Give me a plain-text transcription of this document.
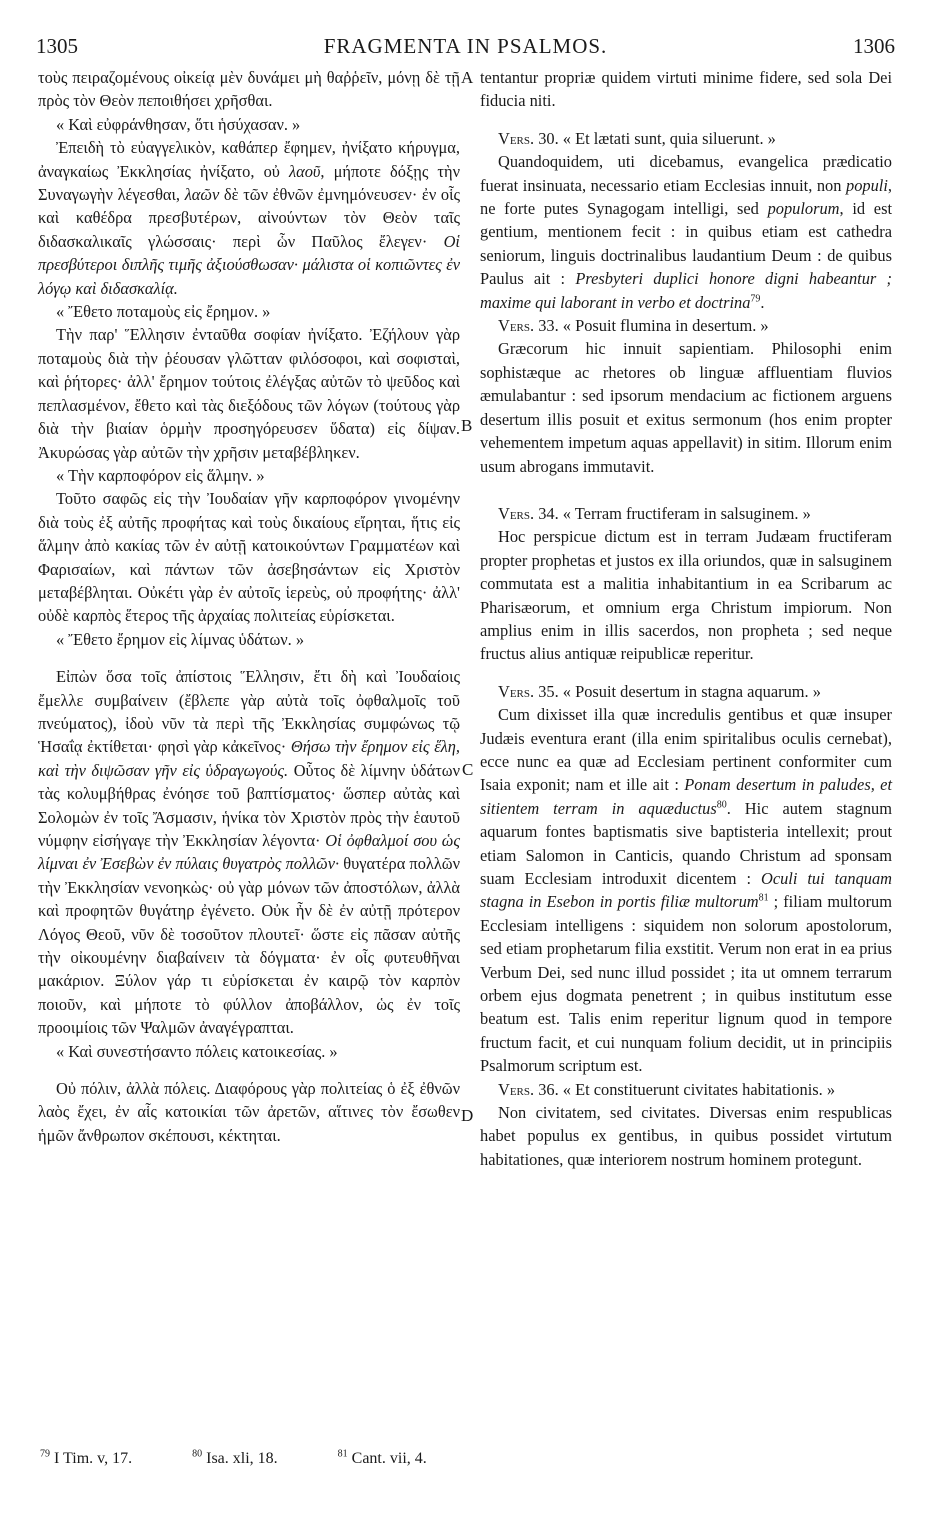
1305	FRAGMENTA IN PSALMOS.	1306
A
B
C
D

τοὺς πειραζομένους οἰκείᾳ μὲν δυνάμει μὴ θαῤῥεῖν, μόνῃ δὲ τῇ πρὸς τὸν Θεὸν πεποιθήσει χρῆσθαι.

« Καὶ εὐφράνθησαν, ὅτι ἡσύχασαν. »

Ἐπειδὴ τὸ εὐαγγελικὸν, καθάπερ ἔφημεν, ἠνίξατο κήρυγμα, ἀναγκαίως Ἐκκλησίας ἠνίξατο, οὐ λαοῦ, μήποτε δόξῃς τὴν Συναγωγὴν λέγεσθαι, λαῶν δὲ τῶν ἐθνῶν ἐμνημόνευσεν· ἐν οἷς καὶ καθέδρα πρεσβυτέρων, αἰνούντων τὸν Θεὸν ταῖς διδασκαλικαῖς γλώσσαις· περὶ ὧν Παῦλος ἔλεγεν· Οἱ πρεσβύτεροι διπλῆς τιμῆς ἀξιούσθωσαν· μάλιστα οἱ κοπιῶντες ἐν λόγῳ καὶ διδασκαλίᾳ.

« Ἔθετο ποταμοὺς εἰς ἔρημον. »

Τὴν παρ' Ἕλλησιν ἐνταῦθα σοφίαν ἠνίξατο. Ἐζήλουν γὰρ ποταμοὺς διὰ τὴν ῥέουσαν γλῶτταν φιλόσοφοι, καὶ σοφισταὶ, καὶ ῥήτορες· ἀλλ' ἔρημον τούτοις ἐλέγξας αὐτῶν τὸ ψεῦδος καὶ πεπλασμένον, ἔθετο καὶ τὰς διεξόδους τῶν λόγων (τούτους γὰρ διὰ τὴν βιαίαν ὁρμὴν προσηγόρευσεν ὕδατα) εἰς δίψαν. Ἀκυρώσας γὰρ αὐτῶν τὴν χρῆσιν μεταβέβληκεν.

« Τὴν καρποφόρον εἰς ἅλμην. »

Τοῦτο σαφῶς εἰς τὴν Ἰουδαίαν γῆν καρποφόρον γινομένην διὰ τοὺς ἐξ αὐτῆς προφήτας καὶ τοὺς δικαίους εἴρηται, ἥτις εἰς ἅλμην ἀπὸ κακίας τῶν ἐν αὐτῇ κατοικούντων Γραμματέων καὶ Φαρισαίων, καὶ πάντων τῶν ἀσεβησάντων εἰς Χριστὸν μεταβέβληται. Οὐκέτι γὰρ ἐν αὐτοῖς ἱερεὺς, οὐ προφήτης· ἀλλ' οὐδὲ καρπὸς ἕτερος τῆς ἀρχαίας πολιτείας εὑρίσκεται.

« Ἔθετο ἔρημον εἰς λίμνας ὑδάτων. »

Εἰπὼν ὅσα τοῖς ἀπίστοις Ἕλλησιν, ἔτι δὴ καὶ Ἰουδαίοις ἔμελλε συμβαίνειν (ἔβλεπε γὰρ αὐτὰ τοῖς ὀφθαλμοῖς τοῦ πνεύματος), ἰδοὺ νῦν τὰ περὶ τῆς Ἐκκλησίας συμφώνως τῷ Ἡσαΐᾳ ἐκτίθεται· φησὶ γὰρ κἀκεῖνος· Θήσω τὴν ἔρημον εἰς ἕλη, καὶ τὴν διψῶσαν γῆν εἰς ὑδραγωγούς. Οὗτος δὲ λίμνην ὑδάτων τὰς κολυμβήθρας ἐνόησε τοῦ βαπτίσματος· ὥσπερ αὐτὰς καὶ Σολομὼν ἐν τοῖς Ἄσμασιν, ἡνίκα τὸν Χριστὸν πρὸς τὴν ἑαυτοῦ νύμφην εἰσήγαγε τὴν Ἐκκλησίαν λέγοντα· Οἱ ὀφθαλμοί σου ὡς λίμναι ἐν Ἐσεβὼν ἐν πύλαις θυγατρὸς πολλῶν· θυγατέρα πολλῶν τὴν Ἐκκλησίαν νενοηκὼς· οὐ γὰρ μόνων τῶν ἀποστόλων, ἀλλὰ καὶ προφητῶν θυγάτηρ ἐγένετο. Οὐκ ἦν δὲ ἐν αὐτῇ πρότερον Λόγος Θεοῦ, νῦν δὲ τοσοῦτον πλουτεῖ· ὥστε εἰς πᾶσαν αὐτῆς τὴν οἰκουμένην διαβαίνειν τὰ δόγματα· ἐν οἷς φυτευθῆναι μακάριον. Ξύλον γάρ τι εὑρίσκεται ἐν καιρῷ τὸν καρπὸν ποιοῦν, καὶ μήποτε τὸ φύλλον ἀποβάλλον, ὡς ἐν τοῖς προοιμίοις τῶν Ψαλμῶν ἀναγέγραπται.

« Καὶ συνεστήσαντο πόλεις κατοικεσίας. »

Οὐ πόλιν, ἀλλὰ πόλεις. Διαφόρους γὰρ πολιτείας ὁ ἐξ ἐθνῶν λαὸς ἔχει, ἐν αἷς κατοικίαι τῶν ἀρετῶν, αἵτινες τὸν ἔσωθεν ἡμῶν ἄνθρωπον σκέπουσι, κέκτηται.

tentantur propriæ quidem virtuti minime fidere, sed sola Dei fiducia niti.

Vers. 30. « Et lætati sunt, quia siluerunt. »

Quandoquidem, uti dicebamus, evangelica prædicatio fuerat insinuata, necessario etiam Ecclesias innuit, non populi, ne forte putes Synagogam intelligi, sed populorum, id est gentium, mentionem fecit : in quibus etiam est cathedra seniorum, linguis doctrinalibus laudantium Deum : de quibus Paulus ait : Presbyteri duplici honore digni habeantur ; maxime qui laborant in verbo et doctrina$^{79}$.

Vers. 33. « Posuit flumina in desertum. »

Græcorum hic innuit sapientiam. Philosophi enim sophistæque ac rhetores ob linguæ affluentiam fluvios æmulabantur : sed ipsorum mendacium ac fictionem arguens desertum illis posuit et exitus sermonum (hos enim propter vehementem impetum aquas appellavit) in sitim. Illorum enim usum abrogans immutavit.

Vers. 34. « Terram fructiferam in salsuginem. »

Hoc perspicue dictum est in terram Judæam fructiferam propter prophetas et justos ex illa oriundos, quæ in salsuginem commutata est a malitia inhabitantium in ea Scribarum ac Pharisæorum, et omnium erga Christum impiorum. Non amplius enim in illis sacerdos, non propheta ; sed neque fructus alius antiquæ reipublicæ reperitur.

Vers. 35. « Posuit desertum in stagna aquarum. »

Cum dixisset illa quæ incredulis gentibus et quæ insuper Judæis eventura erant (illa enim spiritalibus oculis cernebat), ecce nunc ea quæ ad Ecclesiam pertinent conformiter cum Isaia exponit; nam et ille ait : Ponam desertum in paludes, et sitientem terram in aquæductus$^{80}$. Hic autem stagnum aquarum fontes baptismatis sive baptisteria intellexit; prout etiam Salomon in Canticis, quando Christum ad sponsam suam Ecclesiam introduxit dicentem : Oculi tui tanquam stagna in Esebon in portis filiæ multorum$^{81}$ ; filiam multorum Ecclesiam intelligens : siquidem non solorum apostolorum, sed etiam prophetarum filia exstitit. Verum non erat in ea prius Verbum Dei, sed nunc illud possidet ; ita ut omnem terrarum orbem ejus dogmata penetrent ; in quibus institutum esse beatum est. Talis enim reperitur lignum quod in tempore fructum facit, et cui nunquam folium decidit, ut in principiis Psalmorum scriptum est.

Vers. 36. « Et constituerunt civitates habitationis. »

Non civitatem, sed civitates. Diversas enim respublicas habet populus ex gentibus, in quibus possidet virtutum habitationes, quæ interiorem nostrum hominem protegunt.

$^{79}$ I Tim. v, 17.	$^{80}$ Isa. xli, 18.	$^{81}$ Cant. vii, 4.
